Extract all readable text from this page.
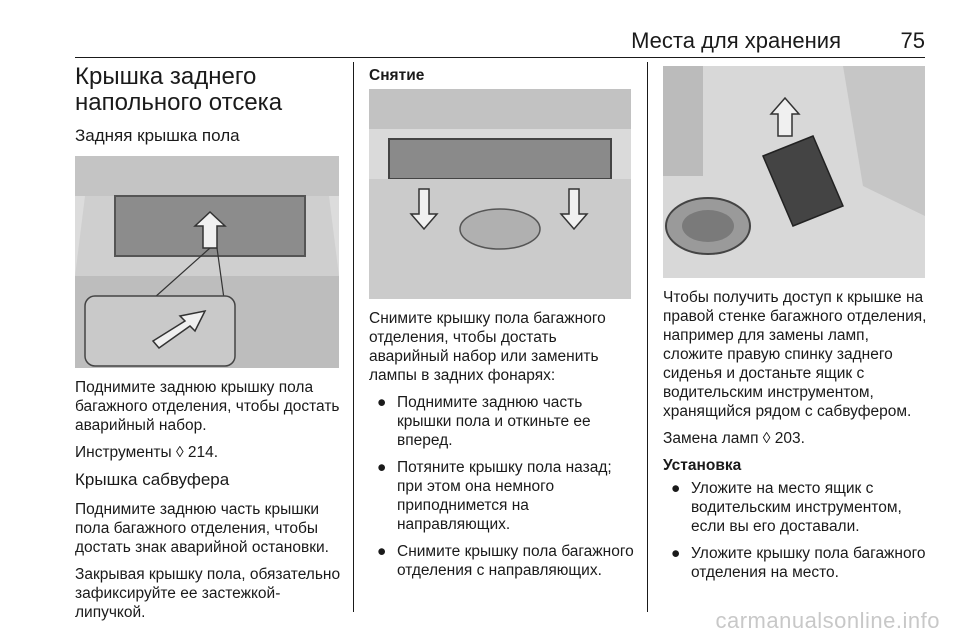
Места для хранения	75
Крышка заднего
напольного отсека
Задняя крышка пола

Поднимите заднюю крышку пола багажного отделения, чтобы достать аварийный набор.

Инструменты ◊ 214.

Крышка сабвуфера

Поднимите заднюю часть крышки пола багажного отделения, чтобы достать знак аварийной остановки.

Закрывая крышку пола, обязательно зафиксируйте ее застежкой-липучкой.

Снятие

Снимите крышку пола багажного отделения, чтобы достать аварийный набор или заменить лампы в задних фонарях:

● Поднимите заднюю часть крышки пола и откиньте ее вперед.
● Потяните крышку пола назад; при этом она немного приподнимется на направляющих.
● Снимите крышку пола багажного отделения с направляющих.

Чтобы получить доступ к крышке на правой стенке багажного отделения, например для замены ламп, сложите правую спинку заднего сиденья и достаньте ящик с водительским инструментом, хранящийся рядом с сабвуфером.

Замена ламп ◊ 203.

Установка
● Уложите на место ящик с водительским инструментом, если вы его доставали.
● Уложите крышку пола багажного отделения на место.
carmanualsonline.info
